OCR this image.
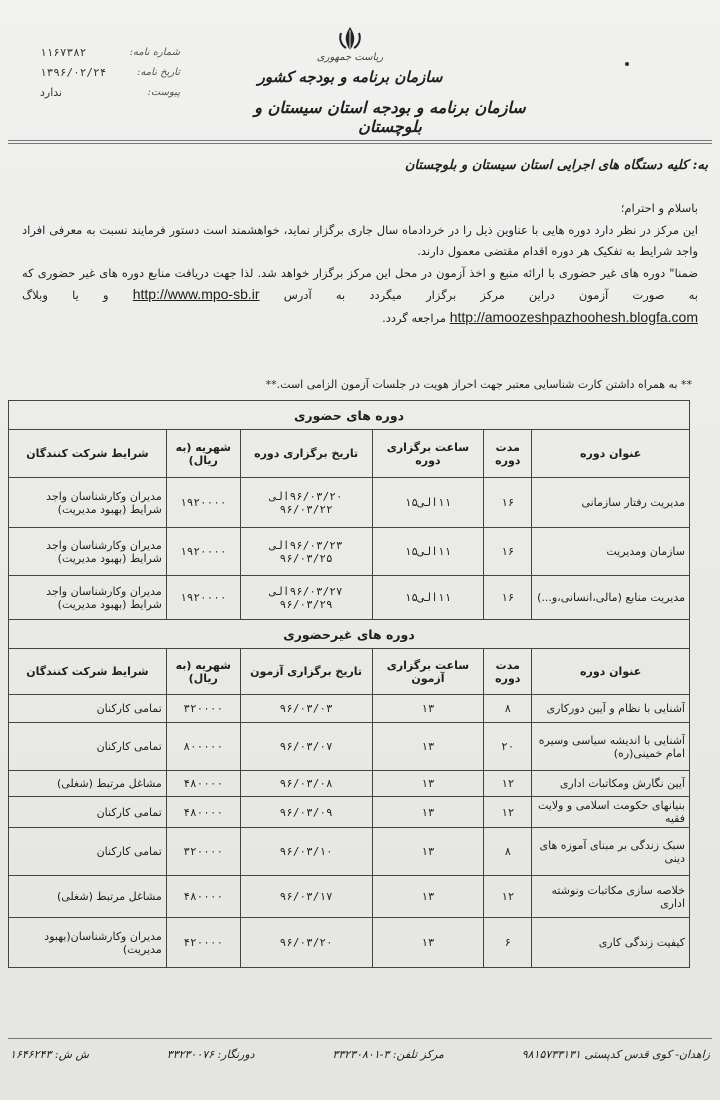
شماره نامه:
۱۱۶۷۳۸۲
تاریخ نامه:
۱۳۹۶/۰۲/۲۴
پیوست:
ندارد
ریاست جمهوری
سازمان برنامه و بودجه کشور
سازمان برنامه و بودجه استان سیستان و بلوچستان
به: کلیه دستگاه های اجرایی استان سیستان و بلوچستان

باسلام و احترام؛

این مرکز در نظر دارد دوره هایی با عناوین ذیل را در خردادماه سال جاری برگزار نماید، خواهشمند است دستور فرمایند نسبت به معرفی افراد واجد شرایط به تفکیک هر دوره اقدام مقتضی معمول دارند.

ضمنا" دوره های غیر حضوری با ارائه منبع و اخذ آزمون در محل این مرکز برگزار خواهد شد. لذا جهت دریافت منابع دوره های غیر حضوری که به صورت آزمون دراین مرکز برگزار میگردد به آدرس http://www.mpo-sb.ir و یا وبلاگ http://amoozeshpazhoohesh.blogfa.com مراجعه گردد.

** به همراه داشتن کارت شناسایی معتبر جهت احراز هویت در جلسات آزمون الزامی است.**
دوره های حضوری					
عنوان دوره	مدت دوره	ساعت برگزاری دوره	تاریخ برگزاری دوره	شهریه (به ریال)	شرایط شرکت کنندگان
مدیریت رفتار سازمانی	۱۶	۱۱الی۱۵	۹۶/۰۳/۲۰الی ۹۶/۰۳/۲۲	۱۹۲۰۰۰۰	مدیران وکارشناسان واجد شرایط (بهبود مدیریت)
سازمان ومدیریت	۱۶	۱۱الی۱۵	۹۶/۰۳/۲۳الی ۹۶/۰۳/۲۵	۱۹۲۰۰۰۰	مدیران وکارشناسان واجد شرایط (بهبود مدیریت)
مدیریت منابع (مالی،انسانی،و...)	۱۶	۱۱الی۱۵	۹۶/۰۳/۲۷الی ۹۶/۰۳/۲۹	۱۹۲۰۰۰۰	مدیران وکارشناسان واجد شرایط (بهبود مدیریت)
دوره های غیرحضوری					
عنوان دوره	مدت دوره	ساعت برگزاری آزمون	تاریخ برگزاری آزمون	شهریه (به ریال)	شرایط شرکت کنندگان
آشنایی با نظام و آیین دورکاری	۸	۱۳	۹۶/۰۳/۰۳	۳۲۰۰۰۰	تمامی کارکنان
آشنایی با اندیشه سیاسی وسیره امام خمینی(ره)	۲۰	۱۳	۹۶/۰۳/۰۷	۸۰۰۰۰۰	تمامی کارکنان
آیین نگارش ومکاتبات اداری	۱۲	۱۳	۹۶/۰۳/۰۸	۴۸۰۰۰۰	مشاغل مرتبط (شغلی)
بنیانهای حکومت اسلامی و ولایت فقیه	۱۲	۱۳	۹۶/۰۳/۰۹	۴۸۰۰۰۰	تمامی کارکنان
سبک زندگی بر مبنای آموزه های دینی	۸	۱۳	۹۶/۰۳/۱۰	۳۲۰۰۰۰	تمامی کارکنان
خلاصه سازی مکاتبات ونوشته اداری	۱۲	۱۳	۹۶/۰۳/۱۷	۴۸۰۰۰۰	مشاغل مرتبط (شغلی)
کیفیت زندگی کاری	۶	۱۳	۹۶/۰۳/۲۰	۴۲۰۰۰۰	مدیران وکارشناسان(بهبود مدیریت)
زاهدان- کوی قدس کدپستی ۹۸۱۵۷۳۳۱۳۱
مرکز تلفن: ۳-۳۳۲۳۰۸۰۱
دورنگار: ۳۳۲۳۰۰۷۶
ش ش: ۱۶۴۶۲۴۳
